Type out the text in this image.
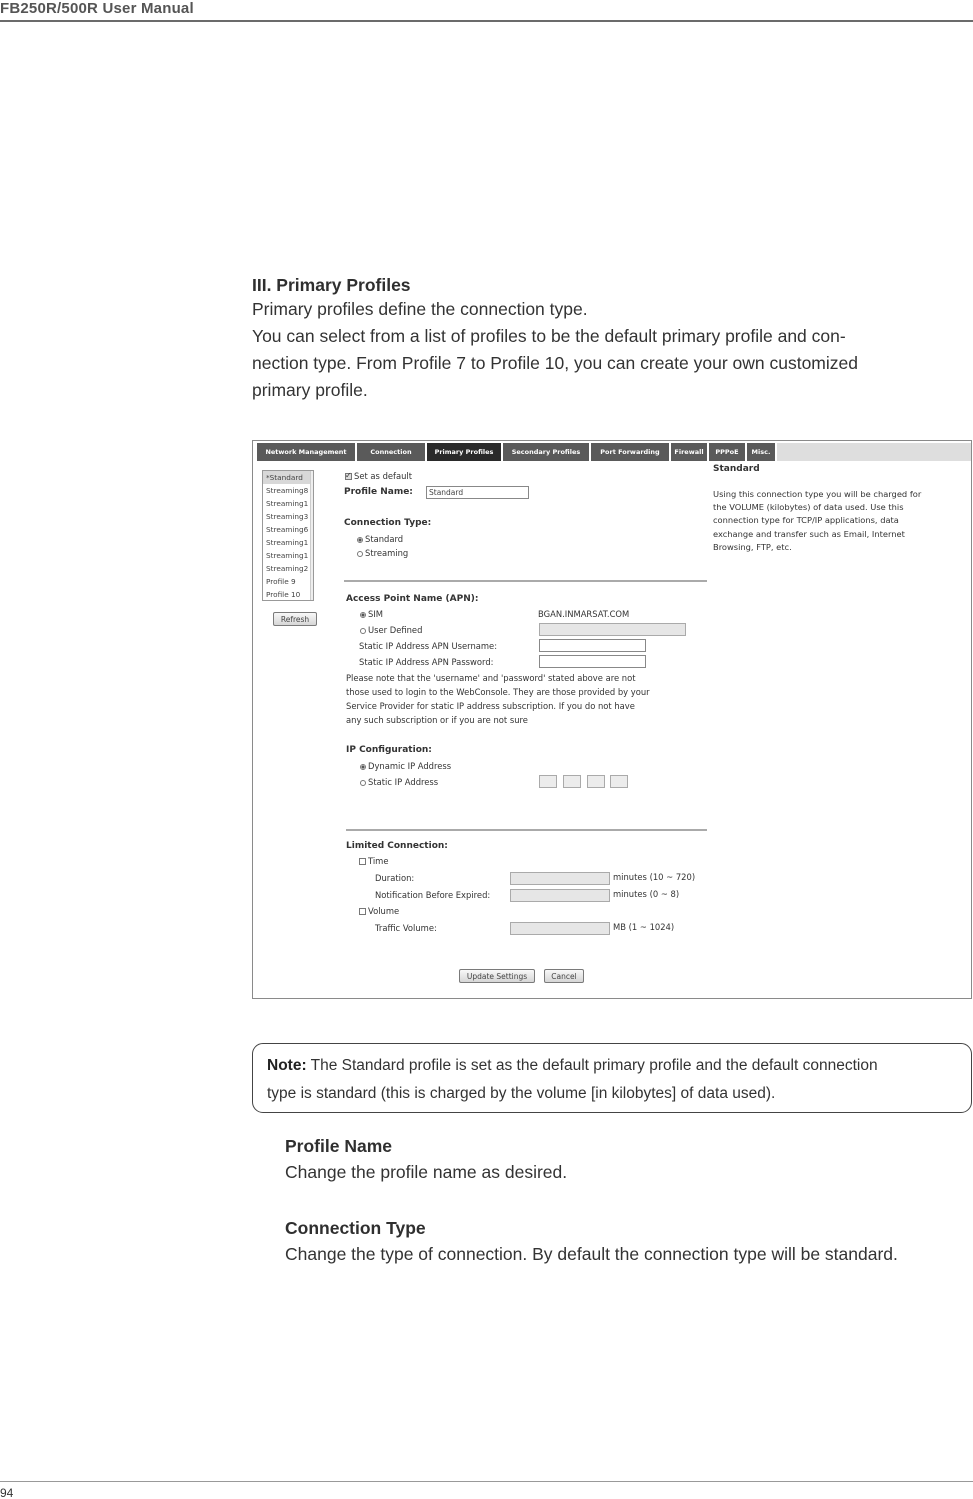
FB250R/500R User Manual
94
III. Primary Profiles

Primary profiles define the connection type.

You can select from a list of profiles to be the default primary profile and con-

nection type. From Profile 7 to Profile 10, you can create your own customized

primary profile.

Network Management	Connection	Primary Profiles	Secondary Profiles	Port Forwarding	Firewall	PPPoE	Misc.
*Standard
Streaming8
Streaming1
Streaming3
Streaming6
Streaming1
Streaming1
Streaming2
Profile 9
Profile 10
Refresh
✓Set as default
Profile Name:	Standard
Connection Type:
Standard
Streaming
Access Point Name (APN):
SIM	BGAN.INMARSAT.COM
User Defined
Static IP Address APN Username:
Static IP Address APN Password:
Please note that the 'username' and 'password' stated above are not
those used to login to the WebConsole. They are those provided by your
Service Provider for static IP address subscription. If you do not have
any such subscription or if you are not sure
IP Configuration:
Dynamic IP Address
Static IP Address
Limited Connection:
Time
Duration:	minutes (10 ~ 720)
Notification Before Expired:	minutes (0 ~ 8)
Volume
Traffic Volume:	MB (1 ~ 1024)
Update Settings	Cancel
Standard
Using this connection type you will be charged for
the VOLUME (kilobytes) of data used. Use this
connection type for TCP/IP applications, data
exchange and transfer such as Email, Internet
Browsing, FTP, etc.
Note: The Standard profile is set as the default primary profile and the default connection
type is standard (this is charged by the volume [in kilobytes] of data used).
Profile Name

Change the profile name as desired.

Connection Type

Change the type of connection. By default the connection type will be standard.
